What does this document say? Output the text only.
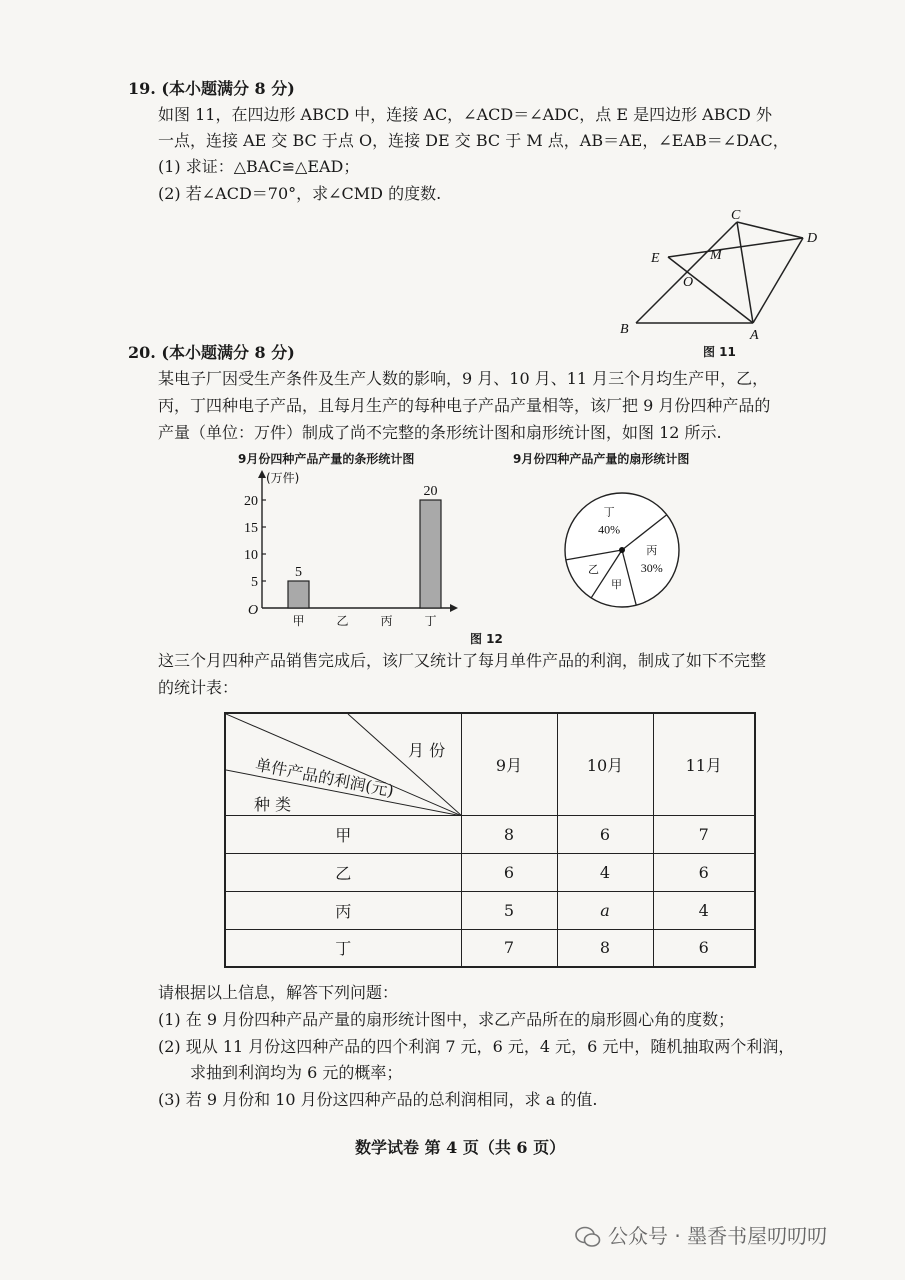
19. (本小题满分 8 分)
如图 11，在四边形 ABCD 中，连接 AC，∠ACD＝∠ADC，点 E 是四边形 ABCD 外
一点，连接 AE 交 BC 于点 O，连接 DE 交 BC 于 M 点，AB＝AE，∠EAB＝∠DAC，
(1) 求证：△BAC≌△EAD；
(2) 若∠ACD＝70°，求∠CMD 的度数.
B	A
C
D
E
O
M
图 11
20. (本小题满分 8 分)
某电子厂因受生产条件及生产人数的影响，9 月、10 月、11 月三个月均生产甲，乙，
丙，丁四种电子产品，且每月生产的每种电子产品产量相等，该厂把 9 月份四种产品的
产量（单位：万件）制成了尚不完整的条形统计图和扇形统计图，如图 12 所示.
9月份四种产品产量的条形统计图
(万件)
O
5
10
15
20
5
甲	乙	丙
20
丁
9月份四种产品产量的扇形统计图
丁
40%
丙
30%
甲
乙
图 12
这三个月四种产品销售完成后，该厂又统计了每月单件产品的利润，制成了如下不完整
的统计表：
月 份
单件产品的利润(元)
种 类	9月	10月	11月
甲	8	6	7
乙	6	4	6
丙	5	a	4
丁	7	8	6
请根据以上信息，解答下列问题：
(1) 在 9 月份四种产品产量的扇形统计图中，求乙产品所在的扇形圆心角的度数；
(2) 现从 11 月份这四种产品的四个利润 7 元，6 元，4 元，6 元中，随机抽取两个利润，
求抽到利润均为 6 元的概率；
(3) 若 9 月份和 10 月份这四种产品的总利润相同，求 a 的值.
数学试卷 第 4 页（共 6 页）
公众号 · 墨香书屋叨叨叨
